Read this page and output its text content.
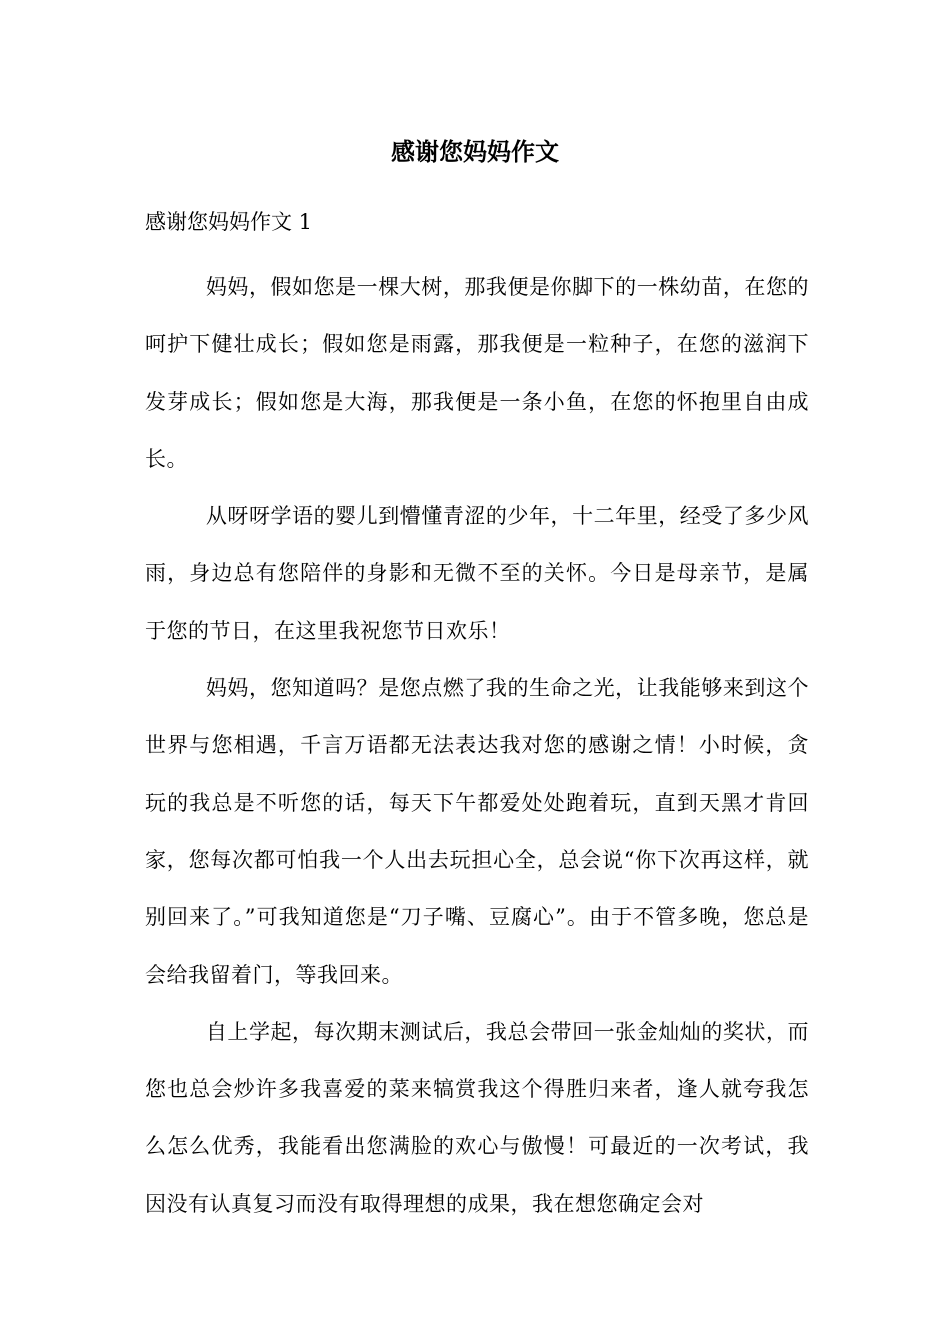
感谢您妈妈作文

感谢您妈妈作文 1

妈妈，假如您是一棵大树，那我便是你脚下的一株幼苗，在您的呵护下健壮成长；假如您是雨露，那我便是一粒种子，在您的滋润下发芽成长；假如您是大海，那我便是一条小鱼，在您的怀抱里自由成长。

从呀呀学语的婴儿到懵懂青涩的少年，十二年里，经受了多少风雨，身边总有您陪伴的身影和无微不至的关怀。今日是母亲节，是属于您的节日，在这里我祝您节日欢乐！

妈妈，您知道吗？是您点燃了我的生命之光，让我能够来到这个世界与您相遇，千言万语都无法表达我对您的感谢之情！小时候，贪玩的我总是不听您的话，每天下午都爱处处跑着玩，直到天黑才肯回家，您每次都可怕我一个人出去玩担心全，总会说“你下次再这样，就别回来了。”可我知道您是“刀子嘴、豆腐心”。由于不管多晚，您总是会给我留着门，等我回来。

自上学起，每次期末测试后，我总会带回一张金灿灿的奖状，而您也总会炒许多我喜爱的菜来犒赏我这个得胜归来者，逢人就夸我怎么怎么优秀，我能看出您满脸的欢心与傲慢！可最近的一次考试，我因没有认真复习而没有取得理想的成果，我在想您确定会对
